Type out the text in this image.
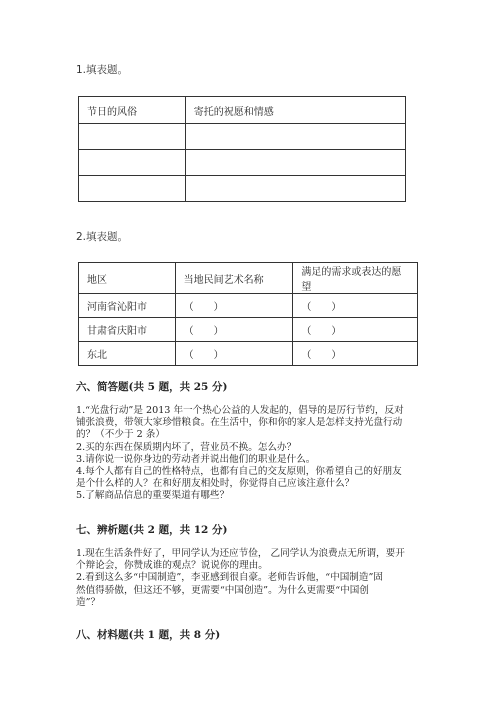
1.填表题。
节日的风俗	寄托的祝愿和情感

2.填表题。
地区	当地民间艺术名称	满足的需求或表达的愿望
河南省沁阳市	（　　）	（　　）
甘肃省庆阳市	（　　）	（　　）
东北	（　　）	（　　）
六、简答题(共 5 题，共 25 分)
1.“光盘行动”是 2013 年一个热心公益的人发起的，倡导的是厉行节约，反对
铺张浪费，带领大家珍惜粮食。在生活中，你和你的家人是怎样支持光盘行动
的？（不少于 2 条）
2.买的东西在保质期内坏了，营业员不换。怎么办？
3.请你说一说你身边的劳动者并说出他们的职业是什么。
4.每个人都有自己的性格特点，也都有自己的交友原则，你希望自己的好朋友
是个什么样的人？在和好朋友相处时，你觉得自己应该注意什么？
5.了解商品信息的重要渠道有哪些？
七、辨析题(共 2 题，共 12 分)
1.现在生活条件好了，甲同学认为还应节俭， 乙同学认为浪费点无所谓，要开
个辩论会，你赞成谁的观点？说说你的理由。
2.看到这么多“中国制造”，李亚感到很自豪。老师告诉他，“中国制造”固
然值得骄傲，但这还不够，更需要“中国创造”。为什么更需要“中国创
造”？
八、材料题(共 1 题，共 8 分)
